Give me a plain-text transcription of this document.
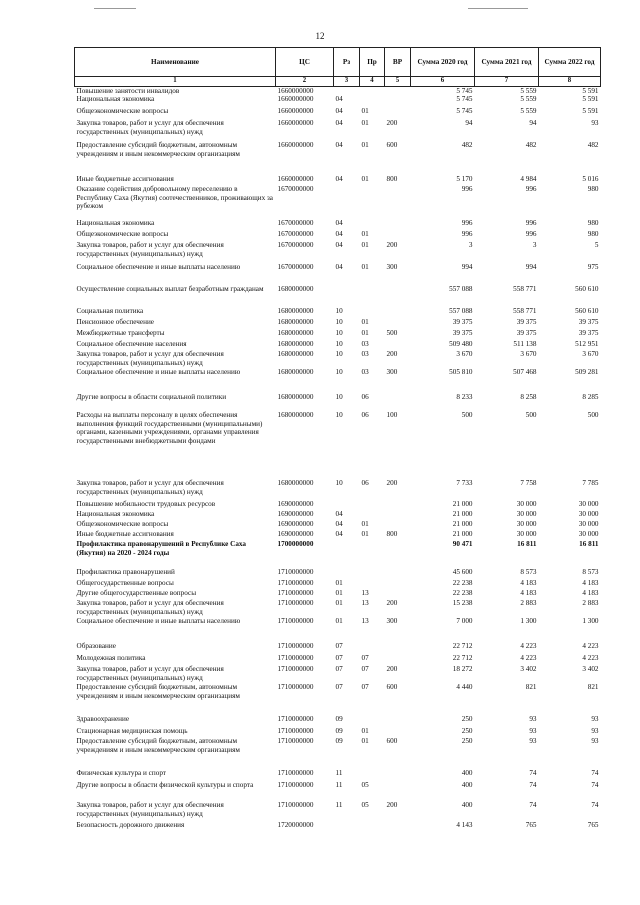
12
Наименование	ЦС	Рз	Пр	ВР	Сумма 2020 год	Сумма 2021 год	Сумма 2022 год
1	2	3	4	5	6	7	8
Повышение занятости инвалидов	1660000000				5 745	5 559	5 591
Национальная экономика	1660000000	04			5 745	5 559	5 591
Общеэкономические вопросы	1660000000	04	01		5 745	5 559	5 591
Закупка товаров, работ и услуг для обеспечения государственных (муниципальных) нужд	1660000000	04	01	200	94	94	93
Предоставление субсидий бюджетным, автономным учреждениям и иным некоммерческим организациям	1660000000	04	01	600	482	482	482
Иные бюджетные ассигнования	1660000000	04	01	800	5 170	4 984	5 016
Оказание содействия добровольному переселению в Республику Саха (Якутия) соотечественников, проживающих за рубежом	1670000000				996	996	980
Национальная экономика	1670000000	04			996	996	980
Общеэкономические вопросы	1670000000	04	01		996	996	980
Закупка товаров, работ и услуг для обеспечения государственных (муниципальных) нужд	1670000000	04	01	200	3	3	5
Социальное обеспечение и иные выплаты населению	1670000000	04	01	300	994	994	975
Осуществление социальных выплат безработным гражданам	1680000000				557 088	558 771	560 610
Социальная политика	1680000000	10			557 088	558 771	560 610
Пенсионное обеспечение	1680000000	10	01		39 375	39 375	39 375
Межбюджетные трансферты	1680000000	10	01	500	39 375	39 375	39 375
Социальное обеспечение населения	1680000000	10	03		509 480	511 138	512 951
Закупка товаров, работ и услуг для обеспечения государственных (муниципальных) нужд	1680000000	10	03	200	3 670	3 670	3 670
Социальное обеспечение и иные выплаты населению	1680000000	10	03	300	505 810	507 468	509 281
Другие вопросы в области социальной политики	1680000000	10	06		8 233	8 258	8 285
Расходы на выплаты персоналу в целях обеспечения выполнения функций государственными (муниципальными) органами, казенными учреждениями, органами управления государственными внебюджетными фондами	1680000000	10	06	100	500	500	500
Закупка товаров, работ и услуг для обеспечения государственных (муниципальных) нужд	1680000000	10	06	200	7 733	7 758	7 785
Повышение мобильности трудовых ресурсов	1690000000				21 000	30 000	30 000
Национальная экономика	1690000000	04			21 000	30 000	30 000
Общеэкономические вопросы	1690000000	04	01		21 000	30 000	30 000
Иные бюджетные ассигнования	1690000000	04	01	800	21 000	30 000	30 000
Профилактика правонарушений в Республике Саха (Якутия) на 2020 - 2024 годы	1700000000				90 471	16 811	16 811
Профилактика правонарушений	1710000000				45 600	8 573	8 573
Общегосударственные вопросы	1710000000	01			22 238	4 183	4 183
Другие общегосударственные вопросы	1710000000	01	13		22 238	4 183	4 183
Закупка товаров, работ и услуг для обеспечения государственных (муниципальных) нужд	1710000000	01	13	200	15 238	2 883	2 883
Социальное обеспечение и иные выплаты населению	1710000000	01	13	300	7 000	1 300	1 300
Образование	1710000000	07			22 712	4 223	4 223
Молодежная политика	1710000000	07	07		22 712	4 223	4 223
Закупка товаров, работ и услуг для обеспечения государственных (муниципальных) нужд	1710000000	07	07	200	18 272	3 402	3 402
Предоставление субсидий бюджетным, автономным учреждениям и иным некоммерческим организациям	1710000000	07	07	600	4 440	821	821
Здравоохранение	1710000000	09			250	93	93
Стационарная медицинская помощь	1710000000	09	01		250	93	93
Предоставление субсидий бюджетным, автономным учреждениям и иным некоммерческим организациям	1710000000	09	01	600	250	93	93
Физическая культура и спорт	1710000000	11			400	74	74
Другие вопросы в области физической культуры и спорта	1710000000	11	05		400	74	74
Закупка товаров, работ и услуг для обеспечения государственных (муниципальных) нужд	1710000000	11	05	200	400	74	74
Безопасность дорожного движения	1720000000				4 143	765	765
